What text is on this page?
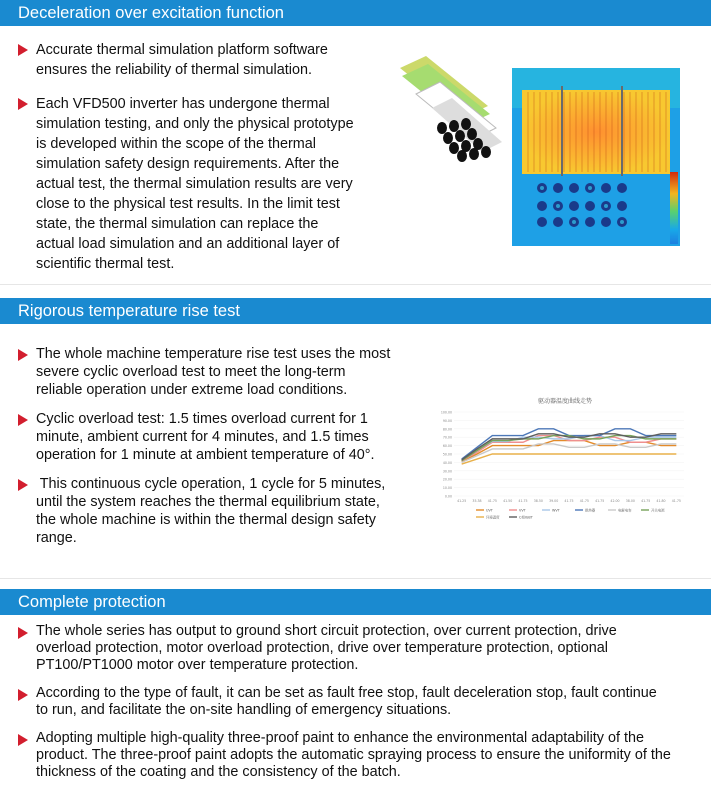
Deceleration over excitation function
Accurate thermal simulation platform software
ensures the reliability of thermal simulation.
Each VFD500 inverter has undergone thermal
simulation testing, and only the physical prototype
is developed within the scope of the thermal
simulation safety design requirements. After the
actual test, the thermal simulation results are very
close to the physical test results. In the limit test
state, the thermal simulation can replace the
actual load simulation and an additional layer of
scientific thermal test.
Rigorous temperature rise test
The whole machine temperature rise test uses the most
severe cyclic overload test to meet the long-term
reliable operation under extreme load conditions.
Cyclic overload test: 1.5 times overload current for 1
minute, ambient current for 4 minutes, and 1.5 times
operation for 1 minute at ambient temperature of 40°.
This continuous cycle operation, 1 cycle for 5 minutes,
until the system reaches the thermal equilibrium state,
the whole machine is within the thermal design safety
range.
驱动器温度曲线走势
100.00
90.00
80.00
70.00
60.00
50.00
40.00
30.00
20.00
10.00
0.00
41.25 35.38 41.75 41.50 41.75 38.50 39.00 41.75 41.75 41.75 42.00 38.00 41.75 41.80 41.75
UVT	VVT	WVT	散热器	电解电容	开关电源
环境温度	C相IGBT
Complete protection
The whole series has output to ground short circuit protection, over current protection, drive
overload protection, motor overload protection, drive over temperature protection, optional
PT100/PT1000 motor over temperature protection.
According to the type of fault, it can be set as fault free stop, fault deceleration stop, fault continue
to run, and facilitate the on-site handling of emergency situations.
Adopting multiple high-quality three-proof paint to enhance the environmental adaptability of the
product. The three-proof paint adopts the automatic spraying process to ensure the uniformity of the
thickness of the coating and the consistency of the batch.
